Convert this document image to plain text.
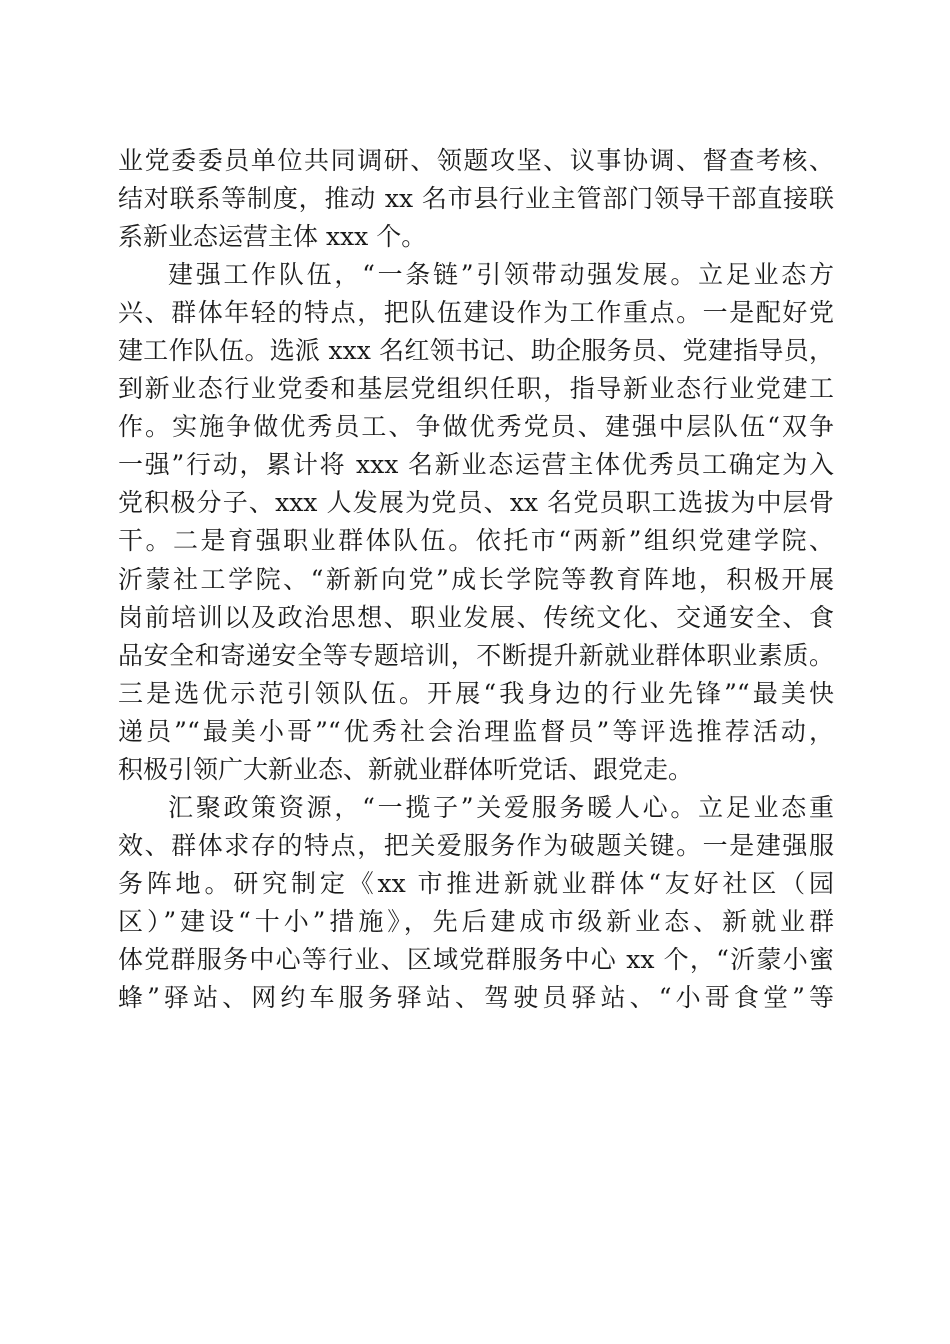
业党委委员单位共同调研、领题攻坚、议事协调、督查考核、
结对联系等制度，推动 xx 名市县行业主管部门领导干部直接联
系新业态运营主体 xxx 个。
建强工作队伍，“一条链”引领带动强发展。立足业态方
兴、群体年轻的特点，把队伍建设作为工作重点。一是配好党
建工作队伍。选派 xxx 名红领书记、助企服务员、党建指导员，
到新业态行业党委和基层党组织任职，指导新业态行业党建工
作。实施争做优秀员工、争做优秀党员、建强中层队伍“双争
一强”行动，累计将 xxx 名新业态运营主体优秀员工确定为入
党积极分子、xxx 人发展为党员、xx 名党员职工选拔为中层骨
干。二是育强职业群体队伍。依托市“两新”组织党建学院、
沂蒙社工学院、“新新向党”成长学院等教育阵地，积极开展
岗前培训以及政治思想、职业发展、传统文化、交通安全、食
品安全和寄递安全等专题培训，不断提升新就业群体职业素质。
三是选优示范引领队伍。开展“我身边的行业先锋”“最美快
递员”“最美小哥”“优秀社会治理监督员”等评选推荐活动，
积极引领广大新业态、新就业群体听党话、跟党走。
汇聚政策资源，“一揽子”关爱服务暖人心。立足业态重
效、群体求存的特点，把关爱服务作为破题关键。一是建强服
务阵地。研究制定《xx 市推进新就业群体“友好社区（园
区）”建设“十小”措施》，先后建成市级新业态、新就业群
体党群服务中心等行业、区域党群服务中心 xx 个，“沂蒙小蜜
蜂”驿站、网约车服务驿站、驾驶员驿站、“小哥食堂”等
